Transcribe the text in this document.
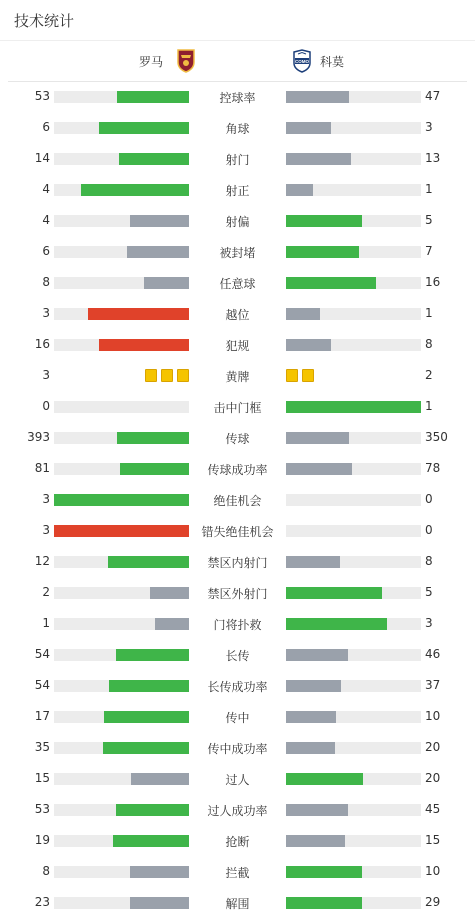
技术统计
罗马	COMO 科莫
53	控球率	47
6	角球	3
14	射门	13
4	射正	1
4	射偏	5
6	被封堵	7
8	任意球	16
3	越位	1
16	犯规	8
3	黄牌	2
0	击中门框	1
393	传球	350
81	传球成功率	78
3	绝佳机会	0
3	错失绝佳机会	0
12	禁区内射门	8
2	禁区外射门	5
1	门将扑救	3
54	长传	46
54	长传成功率	37
17	传中	10
35	传中成功率	20
15	过人	20
53	过人成功率	45
19	抢断	15
8	拦截	10
23	解围	29
